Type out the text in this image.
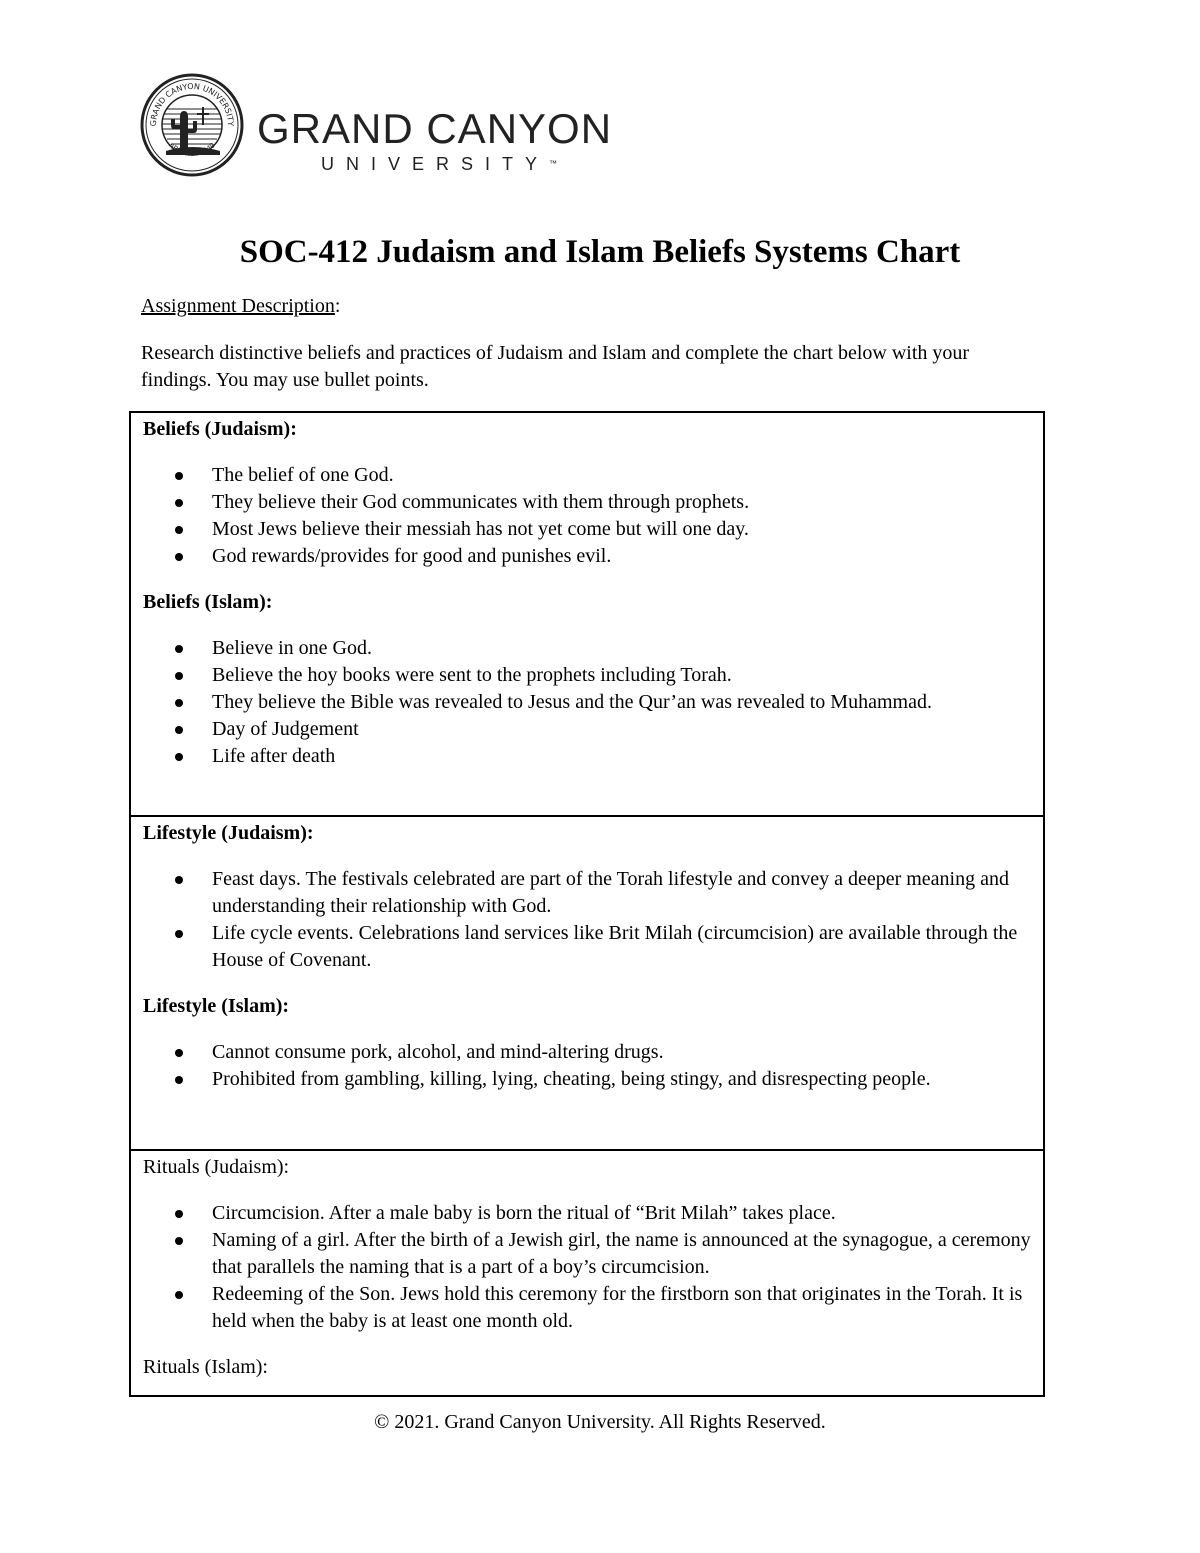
GRAND CANYON UNIVERSITY
ARIZONA 1949 GRAND CANYON
UNIVERSITY™
SOC-412 Judaism and Islam Beliefs Systems Chart
Assignment Description:
Research distinctive beliefs and practices of Judaism and Islam and complete the chart below with your findings. You may use bullet points.

Beliefs (Judaism):

The belief of one God.
They believe their God communicates with them through prophets.
Most Jews believe their messiah has not yet come but will one day.
God rewards/provides for good and punishes evil.

Beliefs (Islam):

Believe in one God.
Believe the hoy books were sent to the prophets including Torah.
They believe the Bible was revealed to Jesus and the Qur’an was revealed to Muhammad.
Day of Judgement
Life after death

Lifestyle (Judaism):

Feast days. The festivals celebrated are part of the Torah lifestyle and convey a deeper meaning and understanding their relationship with God.
Life cycle events. Celebrations land services like Brit Milah (circumcision) are available through the House of Covenant.

Lifestyle (Islam):

Cannot consume pork, alcohol, and mind-altering drugs.
Prohibited from gambling, killing, lying, cheating, being stingy, and disrespecting people.

Rituals (Judaism):

Circumcision. After a male baby is born the ritual of “Brit Milah” takes place.
Naming of a girl. After the birth of a Jewish girl, the name is announced at the synagogue, a ceremony that parallels the naming that is a part of a boy’s circumcision.
Redeeming of the Son. Jews hold this ceremony for the firstborn son that originates in the Torah. It is held when the baby is at least one month old.

Rituals (Islam):

© 2021. Grand Canyon University. All Rights Reserved.
